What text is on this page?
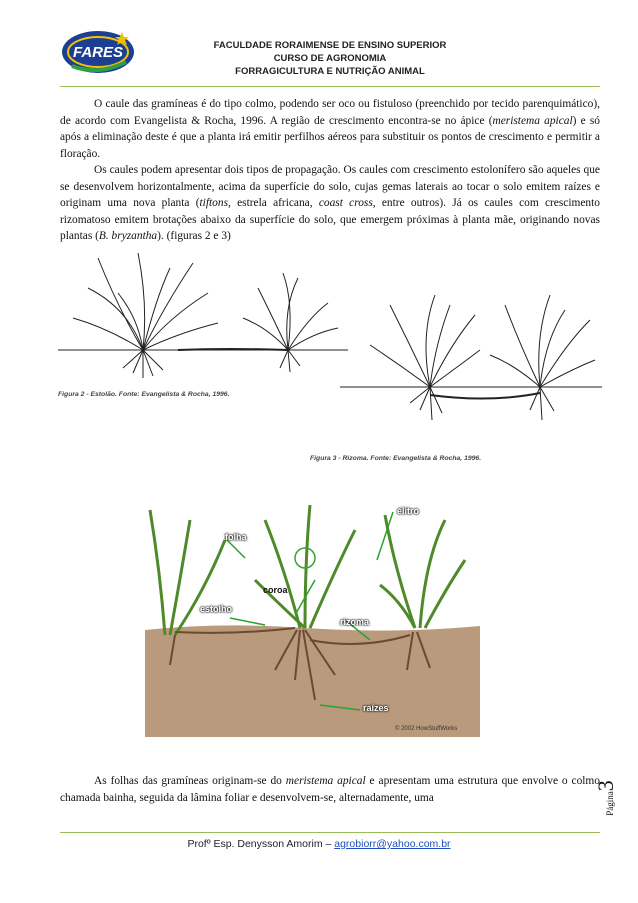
FARES	FACULDADE RORAIMENSE DE ENSINO SUPERIOR
CURSO DE AGRONOMIA
FORRAGICULTURA E NUTRIÇÃO ANIMAL

O caule das gramíneas é do tipo colmo, podendo ser oco ou fistuloso (preenchido por tecido parenquimático), de acordo com Evangelista & Rocha, 1996. A região de crescimento encontra-se no ápice (meristema apical) e só após a eliminação deste é que a planta irá emitir perfilhos aéreos para substituir os pontos de crescimento e permitir a floração.

Os caules podem apresentar dois tipos de propagação. Os caules com crescimento estolonífero são aqueles que se desenvolvem horizontalmente, acima da superfície do solo, cujas gemas laterais ao tocar o solo emitem raízes e originam uma nova planta (tiftons, estrela africana, coast cross, entre outros). Já os caules com crescimento rizomatoso emitem brotações abaixo da superfície do solo, que emergem próximas à planta mãe, originando novas plantas (B. bryzantha). (figuras 2 e 3)

Figura 2 - Estolão. Fonte: Evangelista & Rocha, 1996.
Figura 3 - Rizoma. Fonte: Evangelista & Rocha, 1996.
élitro
folha
coroa
estolho
rizoma
raízes
© 2002 HowStuffWorks

As folhas das gramíneas originam-se do meristema apical e apresentam uma estrutura que envolve o colmo chamada bainha, seguida da lâmina foliar e desenvolvem-se, alternadamente, uma	Página3
Profº Esp. Denysson Amorim – agrobiorr@yahoo.com.br
